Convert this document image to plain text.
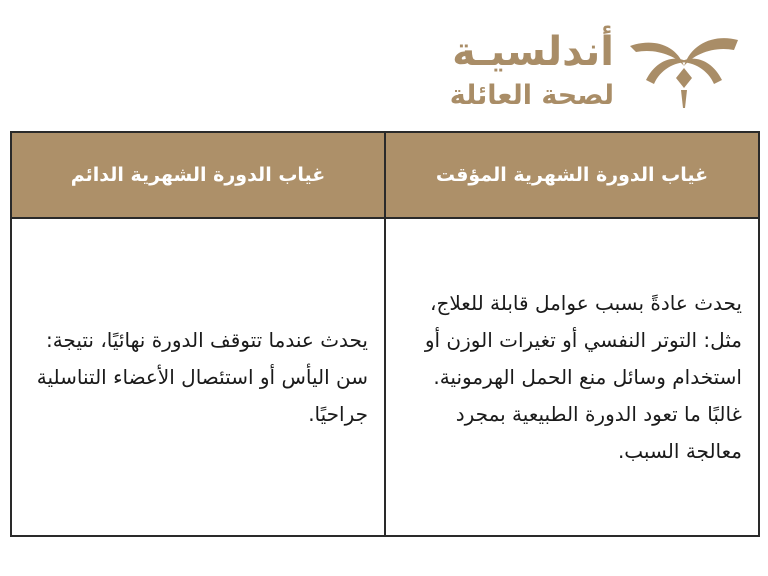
أندلسيـة
لصحة العائلة
غياب الدورة الشهرية المؤقت	غياب الدورة الشهرية الدائم
يحدث عادةً بسبب عوامل قابلة للعلاج، مثل: التوتر النفسي أو تغيرات الوزن أو استخدام وسائل منع الحمل الهرمونية. غالبًا ما تعود الدورة الطبيعية بمجرد معالجة السبب.	يحدث عندما تتوقف الدورة نهائيًا، نتيجة: سن اليأس أو استئصال الأعضاء التناسلية جراحيًا.
